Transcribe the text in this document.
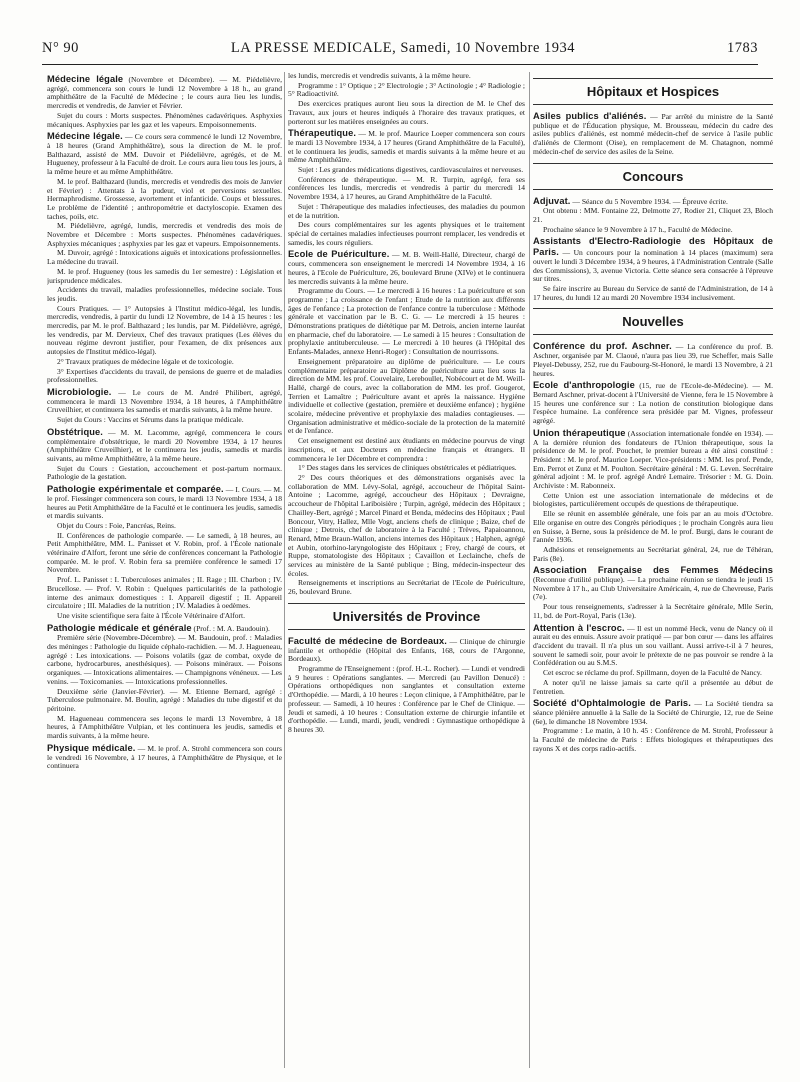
N° 90	LA PRESSE MEDICALE, Samedi, 10 Novembre 1934	1783

Médecine légale (Novembre et Décembre). — M. Piédelièvre, agrégé, commencera son cours le lundi 12 Novembre à 18 h., au grand amphithéâtre de la Faculté de Médecine ; le cours aura lieu les lundis, mercredis et vendredis, de Janvier et Février.

Sujet du cours : Morts suspectes. Phénomènes cadavériques. Asphyxies mécaniques. Asphyxies par les gaz et les vapeurs. Empoisonnements.

Médecine légale. — Ce cours sera commencé le lundi 12 Novembre, à 18 heures (Grand Amphithéâtre), sous la direction de M. le prof. Balthazard, assisté de MM. Duvoir et Piédelièvre, agrégés, et de M. Hugueney, professeur à la Faculté de droit. Le cours aura lieu tous les jours, à la même heure et au même Amphithéâtre.

M. le prof. Balthazard (lundis, mercredis et vendredis des mois de Janvier et Février) : Attentats à la pudeur, viol et perversions sexuelles. Hermaphrodisme. Grossesse, avortement et infanticide. Coups et blessures. Le problème de l'identité ; anthropométrie et dactyloscopie. Examen des taches, poils, etc.

M. Piédelièvre, agrégé, lundis, mercredis et vendredis des mois de Novembre et Décembre : Morts suspectes. Phénomènes cadavériques. Asphyxies mécaniques ; asphyxies par les gaz et vapeurs. Empoisonnements.

M. Duvoir, agrégé : Intoxications aiguës et intoxications professionnelles. La médecine du travail.

M. le prof. Hugueney (tous les samedis du 1er semestre) : Législation et jurisprudence médicales.

Accidents du travail, maladies professionnelles, médecine sociale. Tous les jeudis.

Cours Pratiques. — 1° Autopsies à l'Institut médico-légal, les lundis, mercredis, vendredis, à partir du lundi 12 Novembre, de 14 à 15 heures : les mercredis, par M. le prof. Balthazard ; les lundis, par M. Piédelièvre, agrégé, les vendredis, par M. Dervieux, Chef des travaux pratiques (Les élèves du nouveau régime devront justifier, pour l'examen, de dix présences aux autopsies de l'Institut médico-légal).

2° Travaux pratiques de médecine légale et de toxicologie.

3° Expertises d'accidents du travail, de pensions de guerre et de maladies professionnelles.

Microbiologie. — Le cours de M. André Philibert, agrégé, commencera le mardi 13 Novembre 1934, à 18 heures, à l'Amphithéâtre Cruveilhier, et continuera les samedis et mardis suivants, à la même heure.

Sujet du Cours : Vaccins et Sérums dans la pratique médicale.

Obstétrique. — M. M. Lacomme, agrégé, commencera le cours complémentaire d'obstétrique, le mardi 20 Novembre 1934, à 17 heures (Amphithéâtre Cruveilhier), et le continuera les jeudis, samedis et mardis suivants, au même Amphithéâtre, à la même heure.

Sujet du Cours : Gestation, accouchement et post-partum normaux. Pathologie de la gestation.

Pathologie expérimentale et comparée. — I. Cours. — M. le prof. Fiessinger commencera son cours, le mardi 13 Novembre 1934, à 18 heures au Petit Amphithéâtre de la Faculté et le continuera les jeudis, samedis et mardis suivants.

Objet du Cours : Foie, Pancréas, Reins.

II. Conférences de pathologie comparée. — Le samedi, à 18 heures, au Petit Amphithéâtre, MM. L. Panisset et V. Robin, prof. à l'École nationale vétérinaire d'Alfort, feront une série de conférences concernant la Pathologie comparée. M. le prof. V. Robin fera sa première conférence le samedi 17 Novembre.

Prof. L. Panisset : I. Tuberculoses animales ; II. Rage ; III. Charbon ; IV. Brucellose. — Prof. V. Robin : Quelques particularités de la pathologie interne des animaux domestiques : I. Appareil digestif ; II. Appareil circulatoire ; III. Maladies de la nutrition ; IV. Maladies à oedèmes.

Une visite scientifique sera faite à l'École Vétérinaire d'Alfort.

Pathologie médicale et générale (Prof. : M. A. Baudouin).

Première série (Novembre-Décembre). — M. Baudouin, prof. : Maladies des méninges : Pathologie du liquide céphalo-rachidien. — M. J. Hagueneau, agrégé : Les intoxications. — Poisons volatils (gaz de combat, oxyde de carbone, hydrocarbures, anesthésiques). — Poisons minéraux. — Poisons organiques. — Intoxications alimentaires. — Champignons vénéneux. — Les venins. — Toxicomanies. — Intoxications professionnelles.

Deuxième série (Janvier-Février). — M. Etienne Bernard, agrégé : Tuberculose pulmonaire. M. Boulin, agrégé : Maladies du tube digestif et du péritoine.

M. Hagueneau commencera ses leçons le mardi 13 Novembre, à 18 heures, à l'Amphithéâtre Vulpian, et les continuera les jeudis, samedis et mardis suivants, à la même heure.

Physique médicale. — M. le prof. A. Strohl commencera son cours le vendredi 16 Novembre, à 17 heures, à l'Amphithéâtre de Physique, et le continuera

les lundis, mercredis et vendredis suivants, à la même heure.

Programme : 1° Optique ; 2° Electrologie ; 3° Actinologie ; 4° Radiologie ; 5° Radioactivité.

Des exercices pratiques auront lieu sous la direction de M. le Chef des Travaux, aux jours et heures indiqués à l'horaire des travaux pratiques, et porteront sur les matières enseignées au cours.

Thérapeutique. — M. le prof. Maurice Loeper commencera son cours le mardi 13 Novembre 1934, à 17 heures (Grand Amphithéâtre de la Faculté), et le continuera les jeudis, samedis et mardis suivants à la même heure et au même Amphithéâtre.

Sujet : Les grandes médications digestives, cardiovasculaires et nerveuses.

Conférences de thérapeutique. — M. R. Turpin, agrégé, fera ses conférences les lundis, mercredis et vendredis à partir du mercredi 14 Novembre 1934, à 17 heures, au Grand Amphithéâtre de la Faculté.

Sujet : Thérapeutique des maladies infectieuses, des maladies du poumon et de la nutrition.

Des cours complémentaires sur les agents physiques et le traitement spécial de certaines maladies infectieuses pourront remplacer, les vendredis et samedis, les cours réguliers.

Ecole de Puériculture. — M. B. Weill-Hallé, Directeur, chargé de cours, commencera son enseignement le mercredi 14 Novembre 1934, à 16 heures, à l'Ecole de Puériculture, 26, boulevard Brune (XIVe) et le continuera les mercredis suivants à la même heure.

Programme du Cours. — Le mercredi à 16 heures : La puériculture et son programme ; La croissance de l'enfant ; Etude de la nutrition aux différents âges de l'enfance ; La protection de l'enfance contre la tuberculose : Méthode générale et vaccination par le B. C. G. — Le mercredi à 15 heures : Démonstrations pratiques de diététique par M. Detrois, ancien interne lauréat en pharmacie, chef du laboratoire. — Le samedi à 15 heures : Consultation de prophylaxie antituberculeuse. — Le mercredi à 10 heures (à l'Hôpital des Enfants-Malades, annexe Henri-Roger) : Consultation de nourrissons.

Enseignement préparatoire au diplôme de puériculture. — Le cours complémentaire préparatoire au Diplôme de puériculture aura lieu sous la direction de MM. les prof. Couvelaire, Lereboullet, Nobécourt et de M. Weill-Hallé, chargé de cours, avec la collaboration de MM. les prof. Gougerot, Terrien et Lamaître ; Puériculture avant et après la naissance. Hygiène individuelle et collective (gestation, première et deuxième enfance) ; hygiène scolaire, médecine préventive et prophylaxie des maladies contagieuses. — Organisation administrative et médico-sociale de la protection de la maternité et de l'enfance.

Cet enseignement est destiné aux étudiants en médecine pourvus de vingt inscriptions, et aux Docteurs en médecine français et étrangers. Il commencera le 1er Décembre et comprendra :

1° Des stages dans les services de cliniques obstétricales et pédiatriques.

2° Des cours théoriques et des démonstrations organisés avec la collaboration de MM. Lévy-Solal, agrégé, accoucheur de l'hôpital Saint-Antoine ; Lacomme, agrégé, accoucheur des Hôpitaux ; Devraigne, accoucheur de l'hôpital Lariboisière ; Turpin, agrégé, médecin des Hôpitaux ; Chailley-Bert, agrégé ; Marcel Pinard et Benda, médecins des Hôpitaux ; Paul Boncour, Vitry, Hallez, Mlle Vogt, anciens chefs de clinique ; Baize, chef de clinique ; Detrois, chef de laboratoire à la Faculté ; Trèves, Papaioannou, Renard, Mme Braun-Wallon, anciens internes des Hôpitaux ; Halphen, agrégé et Aubin, otorhino-laryngologiste des Hôpitaux ; Frey, chargé de cours, et Ruppe, stomatologiste des Hôpitaux ; Cavaillon et Leclainche, chefs de services au ministère de la Santé publique ; Bing, médecin-inspecteur des écoles.

Renseignements et inscriptions au Secrétariat de l'Ecole de Puériculture, 26, boulevard Brune.

Universités de Province

Faculté de médecine de Bordeaux. — Clinique de chirurgie infantile et orthopédie (Hôpital des Enfants, 168, cours de l'Argonne, Bordeaux).

Programme de l'Enseignement : (prof. H.-L. Rocher). — Lundi et vendredi à 9 heures : Opérations sanglantes. — Mercredi (au Pavillon Denucé) : Opérations orthopédiques non sanglantes et consultation externe d'Orthopédie. — Mardi, à 10 heures : Leçon clinique, à l'Amphithéâtre, par le professeur. — Samedi, à 10 heures : Conférence par le Chef de Clinique. — Jeudi et samedi, à 10 heures : Consultation externe de chirurgie infantile et d'orthopédie. — Lundi, mardi, jeudi, vendredi : Gymnastique orthopédique à 8 heures 30.

Hôpitaux et Hospices

Asiles publics d'aliénés. — Par arrêté du ministre de la Santé publique et de l'Éducation physique, M. Brousseau, médecin du cadre des asiles publics d'aliénés, est nommé médecin-chef de service à l'asile public d'aliénés de Clermont (Oise), en remplacement de M. Chatagnon, nommé médecin-chef de service des asiles de la Seine.

Concours

Adjuvat. — Séance du 5 Novembre 1934. — Épreuve écrite.

Ont obtenu : MM. Fontaine 22, Delmotte 27, Rodier 21, Cliquet 23, Bloch 21.

Prochaine séance le 9 Novembre à 17 h., Faculté de Médecine.

Assistants d'Electro-Radiologie des Hôpitaux de Paris. — Un concours pour la nomination à 14 places (maximum) sera ouvert le lundi 3 Décembre 1934, à 9 heures, à l'Administration Centrale (Salle des Commissions), 3, avenue Victoria. Cette séance sera consacrée à l'épreuve sur titres.

Se faire inscrire au Bureau du Service de santé de l'Administration, de 14 à 17 heures, du lundi 12 au mardi 20 Novembre 1934 inclusivement.

Nouvelles

Conférence du prof. Aschner. — La conférence du prof. B. Aschner, organisée par M. Claoué, n'aura pas lieu 39, rue Scheffer, mais Salle Pleyel-Debussy, 252, rue du Faubourg-St-Honoré, le mardi 13 Novembre, à 21 heures.

Ecole d'anthropologie (15, rue de l'Ecole-de-Médecine). — M. Bernard Aschner, privat-docent à l'Université de Vienne, fera le 15 Novembre à 15 heures une conférence sur : La notion de constitution biologique dans l'espèce humaine. La conférence sera présidée par M. Vignes, professeur agrégé.

Union thérapeutique (Association internationale fondée en 1934). — A la dernière réunion des fondateurs de l'Union thérapeutique, sous la présidence de M. le prof. Pouchet, le premier bureau a été ainsi constitué : Président : M. le prof. Maurice Loeper. Vice-présidents : MM. les prof. Pende, Em. Perrot et Zunz et M. Poulton. Secrétaire général : M. G. Leven. Secrétaire général adjoint : M. le prof. agrégé André Lemaire. Trésorier : M. G. Doin. Archiviste : M. Rabonneix.

Cette Union est une association internationale de médecins et de biologistes, particulièrement occupés de questions de thérapeutique.

Elle se réunit en assemblée générale, une fois par an au mois d'Octobre. Elle organise en outre des Congrès périodiques ; le prochain Congrès aura lieu en Suisse, à Berne, sous la présidence de M. le prof. Burgi, dans le courant de l'année 1936.

Adhésions et renseignements au Secrétariat général, 24, rue de Téhéran, Paris (8e).

Association Française des Femmes Médecins (Reconnue d'utilité publique). — La prochaine réunion se tiendra le jeudi 15 Novembre à 17 h., au Club Universitaire Américain, 4, rue de Chevreuse, Paris (7e).

Pour tous renseignements, s'adresser à la Secrétaire générale, Mlle Serin, 11, bd. de Port-Royal, Paris (13e).

Attention à l'escroc. — Il est un nommé Heck, venu de Nancy où il aurait eu des ennuis. Assure avoir pratiqué — par bon cœur — dans les affaires d'accident du travail. Il n'a plus un sou vaillant. Aussi arrive-t-il à 7 heures, souvent le samedi soir, pour avoir le prétexte de ne pas pouvoir se rendre à la Confédération ou au S.M.S.

Cet escroc se réclame du prof. Spillmann, doyen de la Faculté de Nancy.

A noter qu'il ne laisse jamais sa carte qu'il a présentée au début de l'entretien.

Société d'Ophtalmologie de Paris. — La Société tiendra sa séance plénière annuelle à la Salle de la Société de Chirurgie, 12, rue de Seine (6e), le dimanche 18 Novembre 1934.

Programme : Le matin, à 10 h. 45 : Conférence de M. Strohl, Professeur à la Faculté de médecine de Paris : Effets biologiques et thérapeutiques des rayons X et des corps radio-actifs.
